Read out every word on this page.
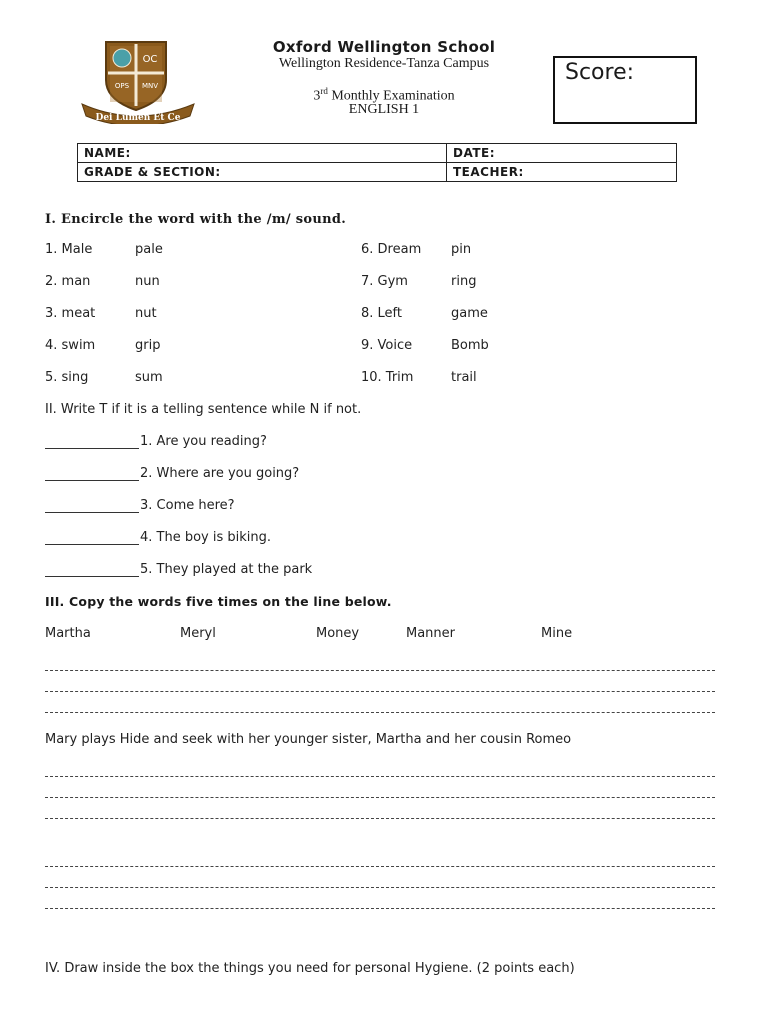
OC
OPS MNV
Dei Lumen Et Ce
Oxford Wellington School
Wellington Residence-Tanza Campus
3rd Monthly Examination
ENGLISH 1
Score:
NAME:	DATE:
GRADE & SECTION:	TEACHER:
I. Encircle the word with the /m/ sound.
1. Male	pale	6. Dream pin
2. man	nun	7. Gym	ring
3. meat	nut	8. Left	game
4. swim	grip	9. Voice	Bomb
5. sing	sum	10. Trim	trail
II. Write T if it is a telling sentence while N if not.
1. Are you reading?
2. Where are you going?
3. Come here?
4. The boy is biking.
5. They played at the park
III. Copy the words five times on the line below.
Martha	Meryl	Money	Manner	Mine
Mary plays Hide and seek with her younger sister, Martha and her cousin Romeo
IV. Draw inside the box the things you need for personal Hygiene. (2 points each)
